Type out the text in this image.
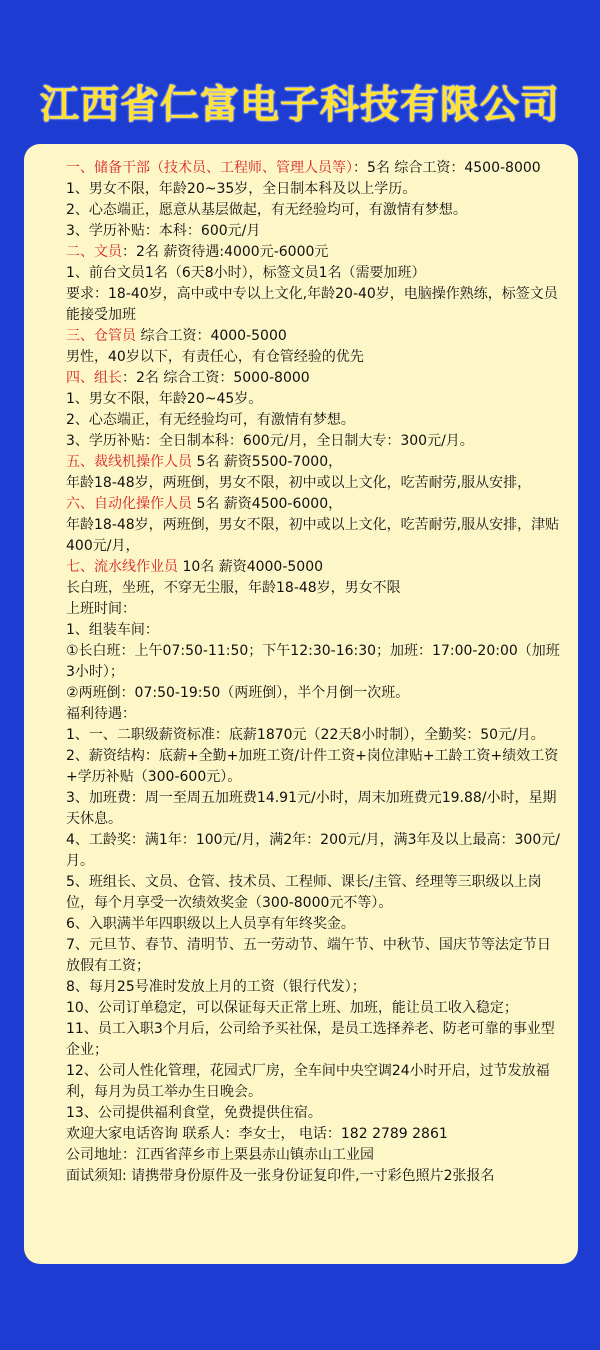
江西省仁富电子科技有限公司
一、储备干部（技术员、工程师、管理人员等）：5名 综合工资：4500-8000
1、男女不限，年龄20~35岁，全日制本科及以上学历。
2、心态端正，愿意从基层做起，有无经验均可，有激情有梦想。
3、学历补贴：本科：600元/月
二、文员：2名 薪资待遇:4000元-6000元
1、前台文员1名（6天8小时），标签文员1名（需要加班）
要求：18-40岁，高中或中专以上文化,年龄20-40岁，电脑操作熟练，标签文员能接受加班
三、仓管员 综合工资：4000-5000
男性，40岁以下，有责任心，有仓管经验的优先
四、组长：2名 综合工资：5000-8000
1、男女不限，年龄20~45岁。
2、心态端正，有无经验均可，有激情有梦想。
3、学历补贴：全日制本科：600元/月，全日制大专：300元/月。
五、裁线机操作人员 5名 薪资5500-7000，
年龄18-48岁，两班倒，男女不限，初中或以上文化，吃苦耐劳,服从安排，
六、自动化操作人员 5名 薪资4500-6000，
年龄18-48岁，两班倒，男女不限，初中或以上文化，吃苦耐劳,服从安排，津贴400元/月，
七、流水线作业员 10名 薪资4000-5000
长白班，坐班，不穿无尘服，年龄18-48岁，男女不限
上班时间：
1、组装车间：
①长白班：上午07:50-11:50；下午12:30-16:30；加班：17:00-20:00（加班3小时）；
②两班倒：07:50-19:50（两班倒），半个月倒一次班。
福利待遇：
1、一、二职级薪资标准：底薪1870元（22天8小时制），全勤奖：50元/月。
2、薪资结构：底薪+全勤+加班工资/计件工资+岗位津贴+工龄工资+绩效工资+学历补贴（300-600元）。
3、加班费：周一至周五加班费14.91元/小时，周末加班费元19.88/小时，星期天休息。
4、工龄奖：满1年：100元/月，满2年：200元/月，满3年及以上最高：300元/月。
5、班组长、文员、仓管、技术员、工程师、课长/主管、经理等三职级以上岗位，每个月享受一次绩效奖金（300-8000元不等）。
6、入职满半年四职级以上人员享有年终奖金。
7、元旦节、春节、清明节、五一劳动节、端午节、中秋节、国庆节等法定节日放假有工资；
8、每月25号准时发放上月的工资（银行代发）；
10、公司订单稳定，可以保证每天正常上班、加班，能让员工收入稳定；
11、员工入职3个月后，公司给予买社保，是员工选择养老、防老可靠的事业型企业；
12、公司人性化管理，花园式厂房，全车间中央空调24小时开启，过节发放福利，每月为员工举办生日晚会。
13、公司提供福利食堂，免费提供住宿。
欢迎大家电话咨询 联系人：李女士， 电话：182 2789 2861
公司地址：江西省萍乡市上栗县赤山镇赤山工业园
面试须知: 请携带身份原件及一张身份证复印件,一寸彩色照片2张报名
